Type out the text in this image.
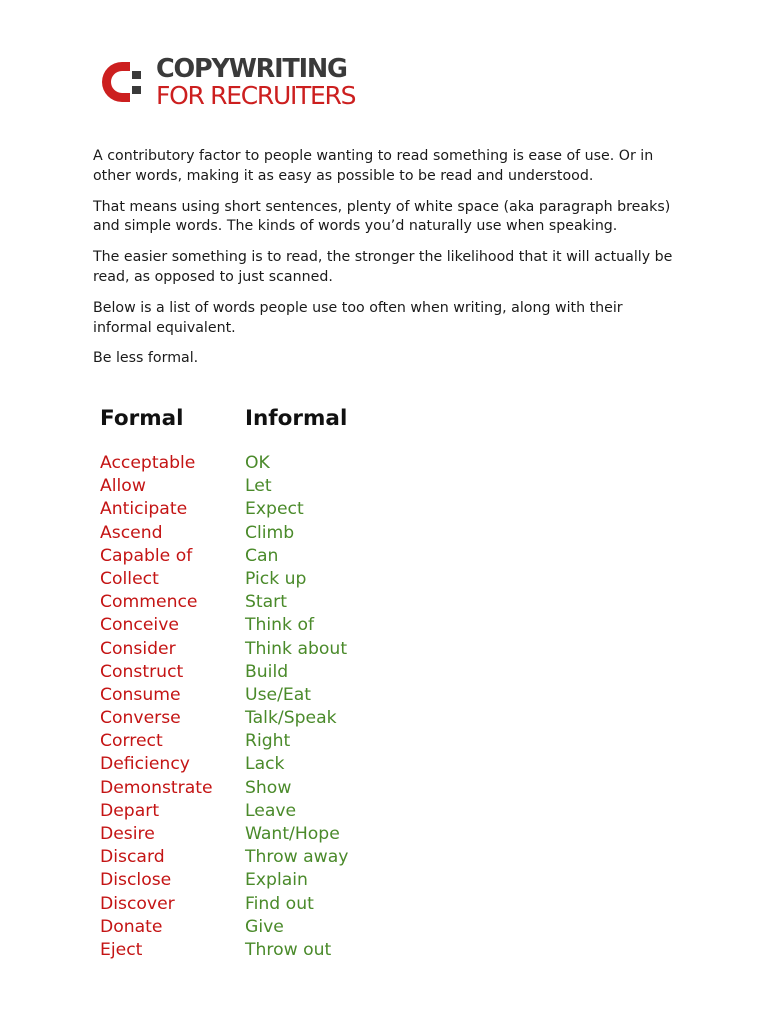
COPYWRITING
FOR RECRUITERS

A contributory factor to people wanting to read something is ease of use. Or in other words, making it as easy as possible to be read and understood.

That means using short sentences, plenty of white space (aka paragraph breaks) and simple words. The kinds of words you’d naturally use when speaking.

The easier something is to read, the stronger the likelihood that it will actually be read, as opposed to just scanned.

Below is a list of words people use too often when writing, along with their informal equivalent.

Be less formal.

Formal	Informal
Acceptable	OK
Allow	Let
Anticipate	Expect
Ascend	Climb
Capable of	Can
Collect	Pick up
Commence	Start
Conceive	Think of
Consider	Think about
Construct	Build
Consume	Use/Eat
Converse	Talk/Speak
Correct	Right
Deficiency	Lack
Demonstrate Show
Depart	Leave
Desire	Want/Hope
Discard	Throw away
Disclose	Explain
Discover	Find out
Donate	Give
Eject	Throw out
